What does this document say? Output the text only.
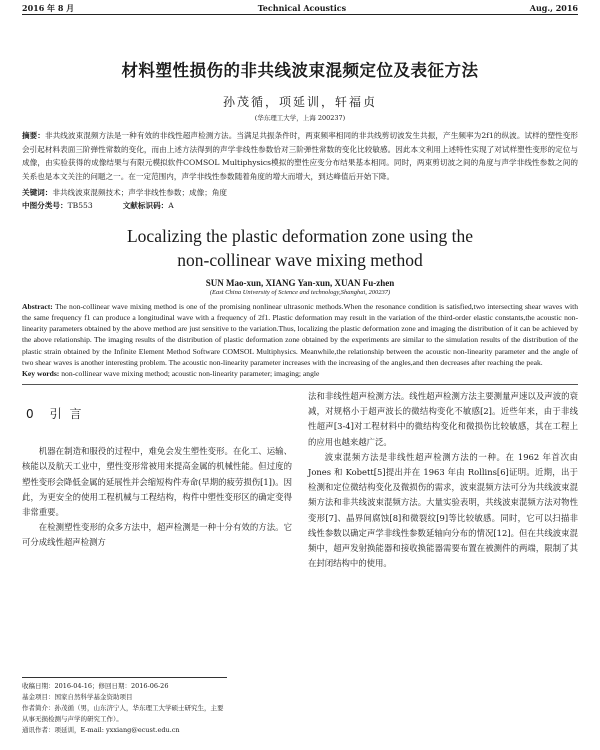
2016 年 8 月	Technical Acoustics	Aug., 2016
材料塑性损伤的非共线波束混频定位及表征方法
孙茂循，项延训，轩福贞
(华东理工大学，上海 200237)
摘要：非共线波束混频方法是一种有效的非线性超声检测方法。当满足共振条件时，两束频率相同的非共线剪切波发生共振，产生频率为2f1的纵波。试样的塑性变形会引起材料表面三阶弹性常数的变化，而由上述方法得到的声学非线性参数恰对三阶弹性常数的变化比较敏感。因此本文利用上述特性实现了对试样塑性变形的定位与成像，由实验获得的成像结果与有限元模拟软件COMSOL Multiphysics模拟的塑性应变分布结果基本相同。同时，两束剪切波之间的角度与声学非线性参数之间的关系也是本文关注的问题之一。在一定范围内，声学非线性参数随着角度的增大而增大，到达峰值后开始下降。
关键词：非共线波束混频技术；声学非线性参数；成像；角度
中图分类号：TB553	文献标识码：A
Localizing the plastic deformation zone using the
non-collinear wave mixing method
SUN Mao-xun, XIANG Yan-xun, XUAN Fu-zhen
(East China University of Science and technology,Shanghai, 200237)
Abstract: The non-collinear wave mixing method is one of the promising nonlinear ultrasonic methods.When the resonance condition is satisfied,two intersecting shear waves with the same frequency f1 can produce a longitudinal wave with a frequency of 2f1. Plastic deformation may result in the variation of the third-order elastic constants,the acoustic non-linearity parameters obtained by the above method are just sensitive to the variation.Thus, localizing the plastic deformation zone and imaging the distribution of it can be achieved by the above relationship. The imaging results of the distribution of plastic deformation zone obtained by the experiments are similar to the simulation results of the distribution of the plastic strain obtained by the Infinite Element Method Software COMSOL Multiphysics. Meanwhile,the relationship between the acoustic non-linearity parameter and the angle of two shear waves is another interesting problem. The acoustic non-linearity parameter increases with the increasing of the angles,and then decreases after reaching the peak.
Key words: non-collinear wave mixing method; acoustic non-linearity parameter; imaging; angle
0　引 言

机器在制造和服役的过程中，难免会发生塑性变形。在化工、运输、核能以及航天工业中，塑性变形常被用来提高金属的机械性能。但过度的塑性变形会降低金属的延展性并会缩短构件寿命(早期的疲劳损伤[1])。因此，为更安全的使用工程机械与工程结构，构件中塑性变形区的确定变得非常重要。

在检测塑性变形的众多方法中，超声检测是一种十分有效的方法。它可分成线性超声检测方

法和非线性超声检测方法。线性超声检测方法主要测量声速以及声波的衰减，对规格小于超声波长的微结构变化不敏感[2]。近些年来，由于非线性超声[3-4]对工程材料中的微结构变化和微损伤比较敏感，其在工程上的应用也越来越广泛。

波束混频方法是非线性超声检测方法的一种。在 1962 年首次由 Jones 和 Kobett[5]提出并在 1963 年由 Rollins[6]证明。近期，出于检测和定位微结构变化及微损伤的需求，波束混频方法可分为共线波束混频方法和非共线波束混频方法。大量实验表明，共线波束混频方法对物性变形[7]、晶界间腐蚀[8]和微裂纹[9]等比较敏感。同时，它可以扫描非线性参数以确定声学非线性参数延轴向分布的情况[12]。但在共线波束混频中，超声发射换能器和接收换能器需要布置在被测件的两端，限制了其在封闭结构中的使用。

收稿日期：2016-04-16；修回日期：2016-06-26
基金项目：国家自然科学基金资助项目
作者简介：孙茂循（男，山东济宁人，华东理工大学硕士研究生，主要从事无损检测与声学的研究工作）。
通讯作者：项延训，E-mail: yxxiang@ecust.edu.cn
